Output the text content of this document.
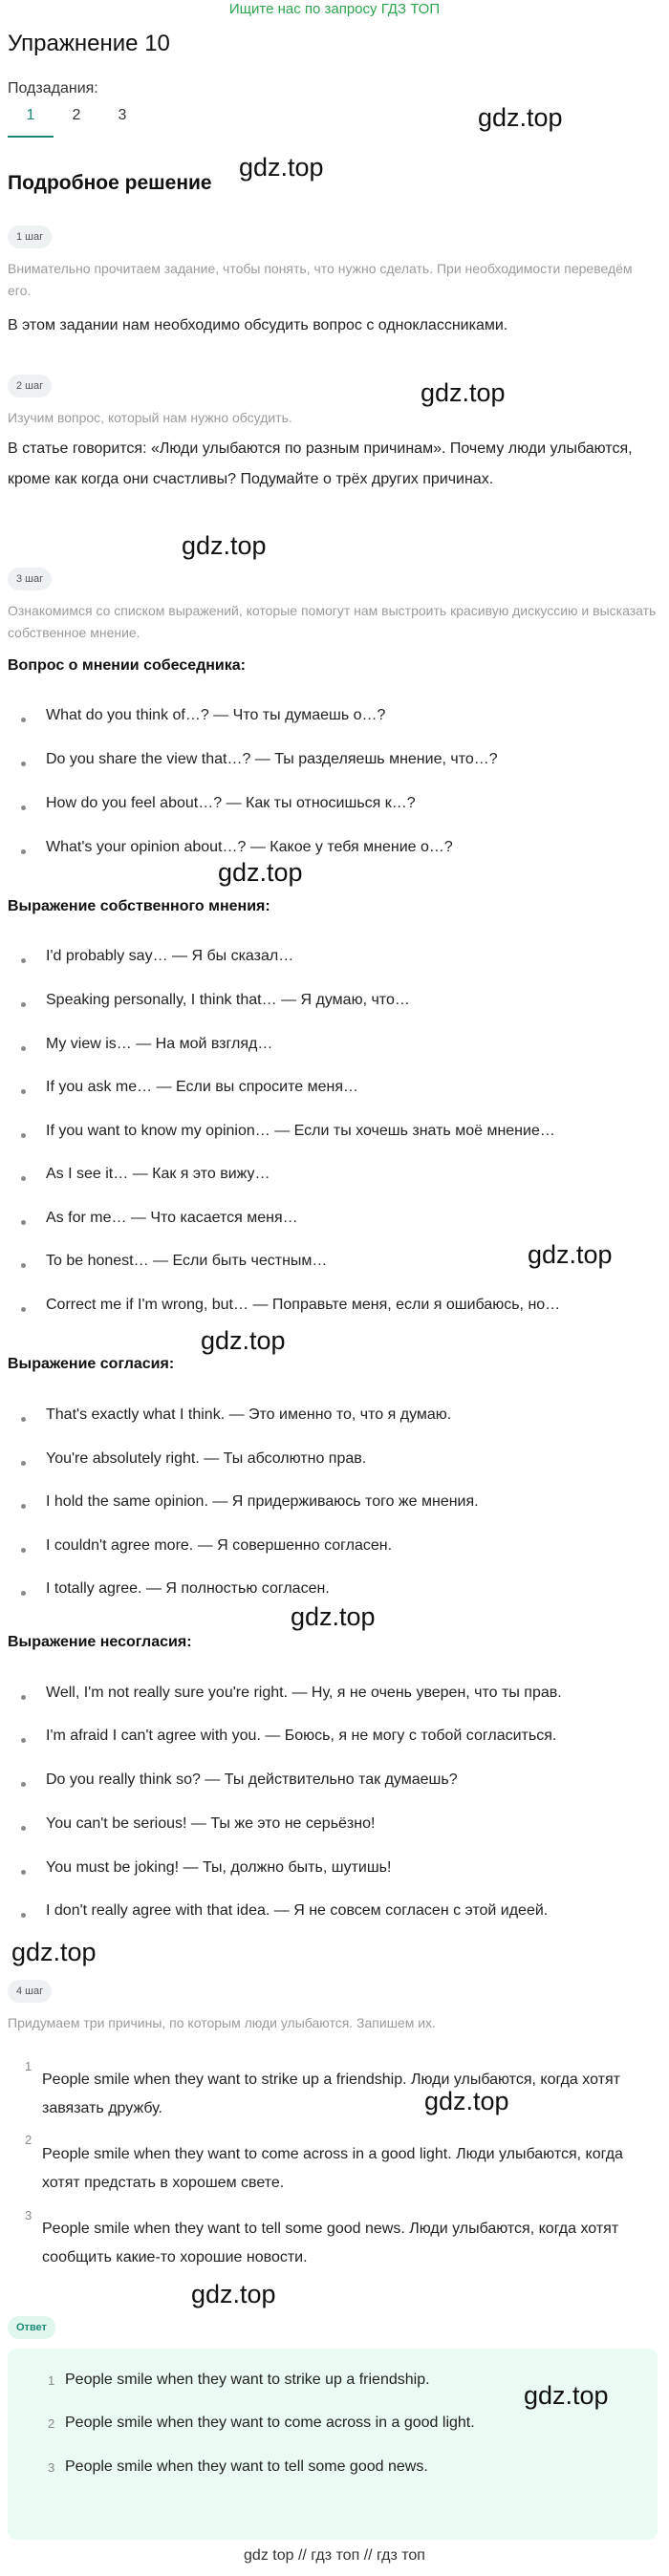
Ищите нас по запросу ГДЗ ТОП
Упражнение 10
Подзадания:
1	2	3
Подробное решение
1 шаг

Внимательно прочитаем задание, чтобы понять, что нужно сделать. При необходимости переведём его.

В этом задании нам необходимо обсудить вопрос с одноклассниками.

2 шаг

Изучим вопрос, который нам нужно обсудить.

В статье говорится: «Люди улыбаются по разным причинам». Почему люди улыбаются, кроме как когда они счастливы? Подумайте о трёх других причинах.

3 шаг

Ознакомимся со списком выражений, которые помогут нам выстроить красивую дискуссию и высказать собственное мнение.

Вопрос о мнении собеседника:
What do you think of…? — Что ты думаешь о…?
Do you share the view that…? — Ты разделяешь мнение, что…?
How do you feel about…? — Как ты относишься к…?
What's your opinion about…? — Какое у тебя мнение о…?
Выражение собственного мнения:
I'd probably say… — Я бы сказал…
Speaking personally, I think that… — Я думаю, что…
My view is… — На мой взгляд…
If you ask me… — Если вы спросите меня…
If you want to know my opinion… — Если ты хочешь знать моё мнение…
As I see it… — Как я это вижу…
As for me… — Что касается меня…
To be honest… — Если быть честным…
Correct me if I'm wrong, but… — Поправьте меня, если я ошибаюсь, но…
Выражение согласия:
That's exactly what I think. — Это именно то, что я думаю.
You're absolutely right. — Ты абсолютно прав.
I hold the same opinion. — Я придерживаюсь того же мнения.
I couldn't agree more. — Я совершенно согласен.
I totally agree. — Я полностью согласен.
Выражение несогласия:
Well, I'm not really sure you're right. — Ну, я не очень уверен, что ты прав.
I'm afraid I can't agree with you. — Боюсь, я не могу с тобой согласиться.
Do you really think so? — Ты действительно так думаешь?
You can't be serious! — Ты же это не серьёзно!
You must be joking! — Ты, должно быть, шутишь!
I don't really agree with that idea. — Я не совсем согласен с этой идеей.
4 шаг

Придумаем три причины, по которым люди улыбаются. Запишем их.

1

People smile when they want to strike up a friendship. Люди улыбаются, когда хотят завязать дружбу.

2

People smile when they want to come across in a good light. Люди улыбаются, когда хотят предстать в хорошем свете.

3

People smile when they want to tell some good news. Люди улыбаются, когда хотят сообщить какие-то хорошие новости.

Ответ
1 People smile when they want to strike up a friendship.
2 People smile when they want to come across in a good light.
3 People smile when they want to tell some good news.
gdz.top
gdz.top
gdz.top
gdz.top
gdz.top
gdz.top
gdz.top
gdz.top
gdz.top
gdz.top
gdz.top
gdz.top
gdz top // гдз топ // гдз топ
